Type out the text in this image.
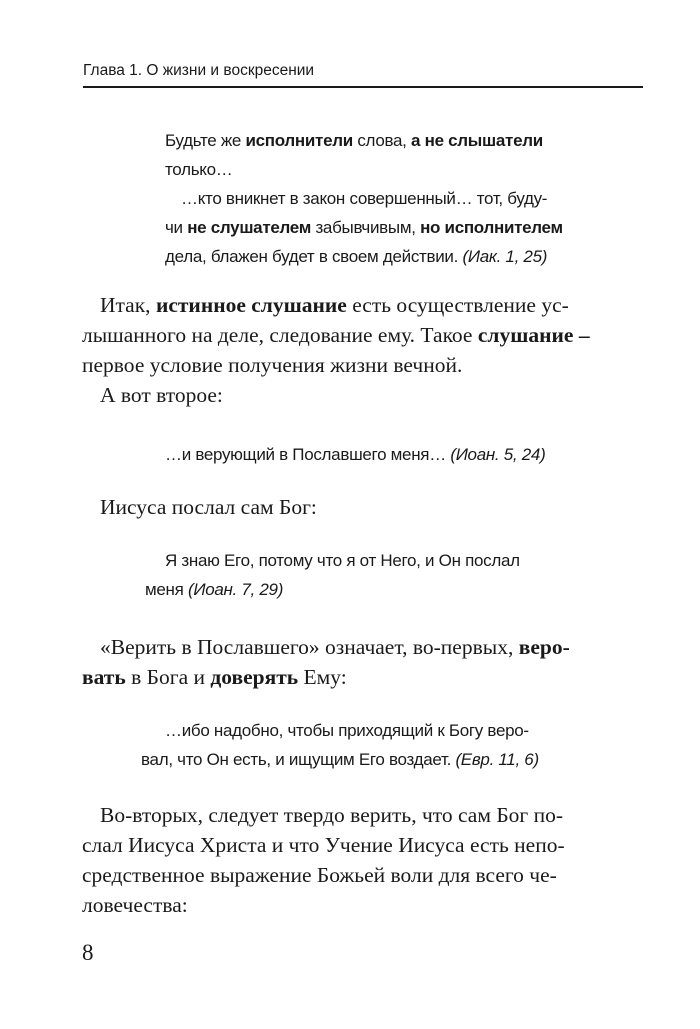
Глава 1. О жизни и воскресении
Будьте же исполнители слова, а не слышатели
только…
…кто вникнет в закон совершенный… тот, буду-
чи не слушателем забывчивым, но исполнителем
дела, блажен будет в своем действии. (Иак. 1, 25)
Итак, истинное слушание есть осуществление ус-
лышанного на деле, следование ему. Такое слушание –
первое условие получения жизни вечной.
А вот второе:
…и верующий в Пославшего меня… (Иоан. 5, 24)
Иисуса послал сам Бог:
Я знаю Его, потому что я от Него, и Он послал
меня (Иоан. 7, 29)
«Верить в Пославшего» означает, во-первых, веро-
вать в Бога и доверять Ему:
…ибо надобно, чтобы приходящий к Богу веро-
вал, что Он есть, и ищущим Его воздает. (Евр. 11, 6)
Во-вторых, следует твердо верить, что сам Бог по-
слал Иисуса Христа и что Учение Иисуса есть непо-
средственное выражение Божьей воли для всего че-
ловечества:
8
